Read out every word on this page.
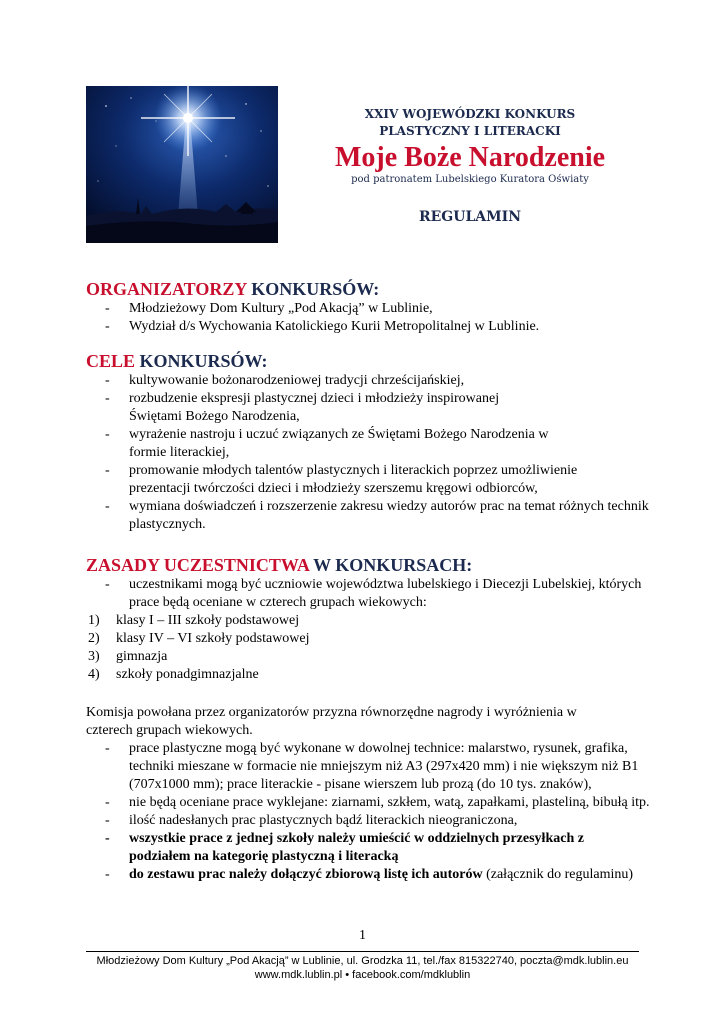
XXIV WOJEWÓDZKI KONKURS
PLASTYCZNY I LITERACKI
Moje Boże Narodzenie
pod patronatem Lubelskiego Kuratora Oświaty
REGULAMIN
ORGANIZATORZY KONKURSÓW:
- Młodzieżowy Dom Kultury „Pod Akacją” w Lublinie,
- Wydział d/s Wychowania Katolickiego Kurii Metropolitalnej w Lublinie.
CELE KONKURSÓW:
- kultywowanie bożonarodzeniowej tradycji chrześcijańskiej,
- rozbudzenie ekspresji plastycznej dzieci i młodzieży inspirowanej Świętami Bożego Narodzenia,
- wyrażenie nastroju i uczuć związanych ze Świętami Bożego Narodzenia w formie literackiej,
- promowanie młodych talentów plastycznych i literackich poprzez umożliwienie prezentacji twórczości dzieci i młodzieży szerszemu kręgowi odbiorców,
- wymiana doświadczeń i rozszerzenie zakresu wiedzy autorów prac na temat różnych technik plastycznych.
ZASADY UCZESTNICTWA W KONKURSACH:
- uczestnikami mogą być uczniowie województwa lubelskiego i Diecezji Lubelskiej, których prace będą oceniane w czterech grupach wiekowych:
1) klasy I – III szkoły podstawowej
2) klasy IV – VI szkoły podstawowej
3) gimnazja
4) szkoły ponadgimnazjalne

Komisja powołana przez organizatorów przyzna równorzędne nagrody i wyróżnienia w czterech grupach wiekowych.

- prace plastyczne mogą być wykonane w dowolnej technice: malarstwo, rysunek, grafika, techniki mieszane w formacie nie mniejszym niż A3 (297x420 mm) i nie większym niż B1 (707x1000 mm); prace literackie - pisane wierszem lub prozą (do 10 tys. znaków),
- nie będą oceniane prace wyklejane: ziarnami, szkłem, watą, zapałkami, plasteliną, bibułą itp.
- ilość nadesłanych prac plastycznych bądź literackich nieograniczona,
- wszystkie prace z jednej szkoły należy umieścić w oddzielnych przesyłkach z podziałem na kategorię plastyczną i literacką
- do zestawu prac należy dołączyć zbiorową listę ich autorów (załącznik do regulaminu)
1
Młodzieżowy Dom Kultury „Pod Akacją” w Lublinie, ul. Grodzka 11, tel./fax 815322740, poczta@mdk.lublin.eu
www.mdk.lublin.pl • facebook.com/mdklublin
